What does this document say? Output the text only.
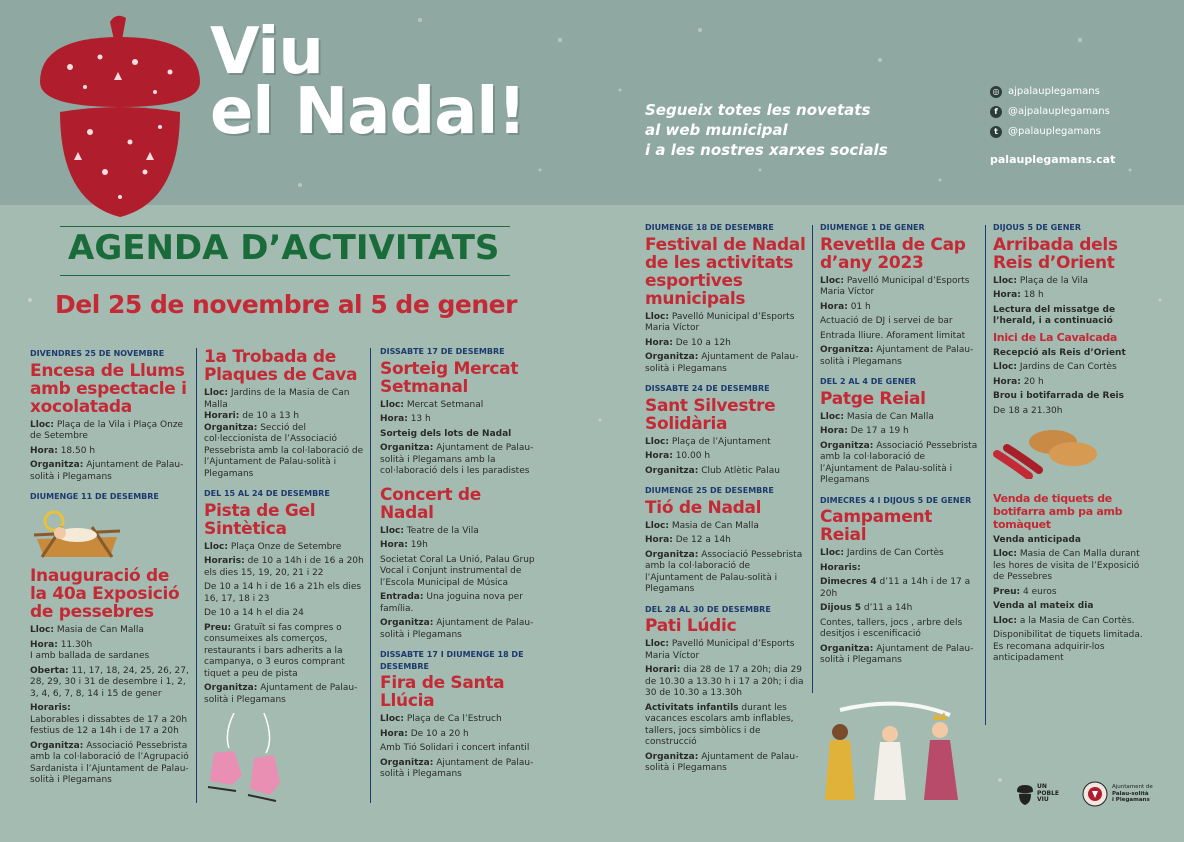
Viu
el Nadal!	Segueix totes les novetats
al web municipal
i a les nostres xarxes socials
◎ ajpalauplegamans
f	@ajpalauplegamans
t	@palauplegamans
palauplegamans.cat
AGENDA D’ACTIVITATS
Del 25 de novembre al 5 de gener
DIVENDRES 25 DE NOVEMBRE
Encesa de Llums amb espectacle i xocolatada

Lloc: Plaça de la Vila i Plaça Onze de Setembre

Hora: 18.50 h

Organitza: Ajuntament de Palau-solità i Plegamans

DIUMENGE 11 DE DESEMBRE
Inauguració de la 40a Exposició de pessebres

Lloc: Masia de Can Malla

Hora: 11.30h

I amb ballada de sardanes

Oberta: 11, 17, 18, 24, 25, 26, 27, 28, 29, 30 i 31 de desembre i 1, 2, 3, 4, 6, 7, 8, 14 i 15 de gener

Horaris:

Laborables i dissabtes de 17 a 20h

festius de 12 a 14h i de 17 a 20h

Organitza: Associació Pessebrista amb la col·laboració de l’Agrupació Sardanista i l’Ajuntament de Palau-solità i Plegamans

1a Trobada de Plaques de Cava

Lloc: Jardins de la Masia de Can Malla

Horari: de 10 a 13 h

Organitza: Secció del col·leccionista de l’Associació Pessebrista amb la col·laboració de l’Ajuntament de Palau-solità i Plegamans

DEL 15 AL 24 DE DESEMBRE
Pista de Gel Sintètica

Lloc: Plaça Onze de Setembre

Horaris: de 10 a 14h i de 16 a 20h els dies 15, 19, 20, 21 i 22

De 10 a 14 h i de 16 a 21h els dies 16, 17, 18 i 23

De 10 a 14 h el dia 24

Preu: Gratuït si fas compres o consumeixes als comerços, restaurants i bars adherits a la campanya, o 3 euros comprant tiquet a peu de pista

Organitza: Ajuntament de Palau-solità i Plegamans

DISSABTE 17 DE DESEMBRE
Sorteig Mercat Setmanal

Lloc: Mercat Setmanal

Hora: 13 h

Sorteig dels lots de Nadal

Organitza: Ajuntament de Palau-solità i Plegamans amb la col·laboració dels i les paradistes

Concert de Nadal

Lloc: Teatre de la Vila

Hora: 19h

Societat Coral La Unió, Palau Grup Vocal i Conjunt instrumental de l’Escola Municipal de Música

Entrada: Una joguina nova per família.

Organitza: Ajuntament de Palau-solità i Plegamans

DISSABTE 17 I DIUMENGE 18 DE DESEMBRE
Fira de Santa Llúcia

Lloc: Plaça de Ca l’Estruch

Hora: De 10 a 20 h

Amb Tió Solidari i concert infantil

Organitza: Ajuntament de Palau-solità i Plegamans

DIUMENGE 18 DE DESEMBRE
Festival de Nadal de les activitats esportives municipals

Lloc: Pavelló Municipal d’Esports Maria Víctor

Hora: De 10 a 12h

Organitza: Ajuntament de Palau-solità i Plegamans

DISSABTE 24 DE DESEMBRE
Sant Silvestre Solidària

Lloc: Plaça de l’Ajuntament

Hora: 10.00 h

Organitza: Club Atlètic Palau

DIUMENGE 25 DE DESEMBRE
Tió de Nadal

Lloc: Masia de Can Malla

Hora: De 12 a 14h

Organitza: Associació Pessebrista amb la col·laboració de l’Ajuntament de Palau-solità i Plegamans

DEL 28 AL 30 DE DESEMBRE
Pati Lúdic

Lloc: Pavelló Municipal d’Esports Maria Víctor

Horari: dia 28 de 17 a 20h; dia 29 de 10.30 a 13.30 h i 17 a 20h; i dia 30 de 10.30 a 13.30h

Activitats infantils durant les vacances escolars amb inflables, tallers, jocs simbòlics i de construcció

Organitza: Ajuntament de Palau-solità i Plegamans

DIUMENGE 1 DE GENER
Revetlla de Cap d’any 2023

Lloc: Pavelló Municipal d’Esports Maria Víctor

Hora: 01 h

Actuació de DJ i servei de bar

Entrada lliure. Aforament limitat

Organitza: Ajuntament de Palau-solità i Plegamans

DEL 2 AL 4 DE GENER
Patge Reial

Lloc: Masia de Can Malla

Hora: De 17 a 19 h

Organitza: Associació Pessebrista amb la col·laboració de l’Ajuntament de Palau-solità i Plegamans

DIMECRES 4 I DIJOUS 5 DE GENER
Campament Reial

Lloc: Jardins de Can Cortès

Horaris:

Dimecres 4 d’11 a 14h i de 17 a 20h

Dijous 5 d’11 a 14h

Contes, tallers, jocs , arbre dels desitjos i escenificació

Organitza: Ajuntament de Palau-solità i Plegamans

DIJOUS 5 DE GENER
Arribada dels Reis d’Orient

Lloc: Plaça de la Vila

Hora: 18 h

Lectura del missatge de l’herald, i a continuació

Inici de La Cavalcada

Recepció als Reis d’Orient

Lloc: Jardins de Can Cortès

Hora: 20 h

Brou i botifarrada de Reis

De 18 a 21.30h

Venda de tiquets de botifarra amb pa amb tomàquet

Venda anticipada

Lloc: Masia de Can Malla durant les hores de visita de l’Exposició de Pessebres

Preu: 4 euros

Venda al mateix dia

Lloc: a la Masia de Can Cortès.

Disponibilitat de tiquets limitada. Es recomana adquirir-los anticipadament

UN
POBLE
VIU
Ajuntament de
Palau-solità
i Plegamans
